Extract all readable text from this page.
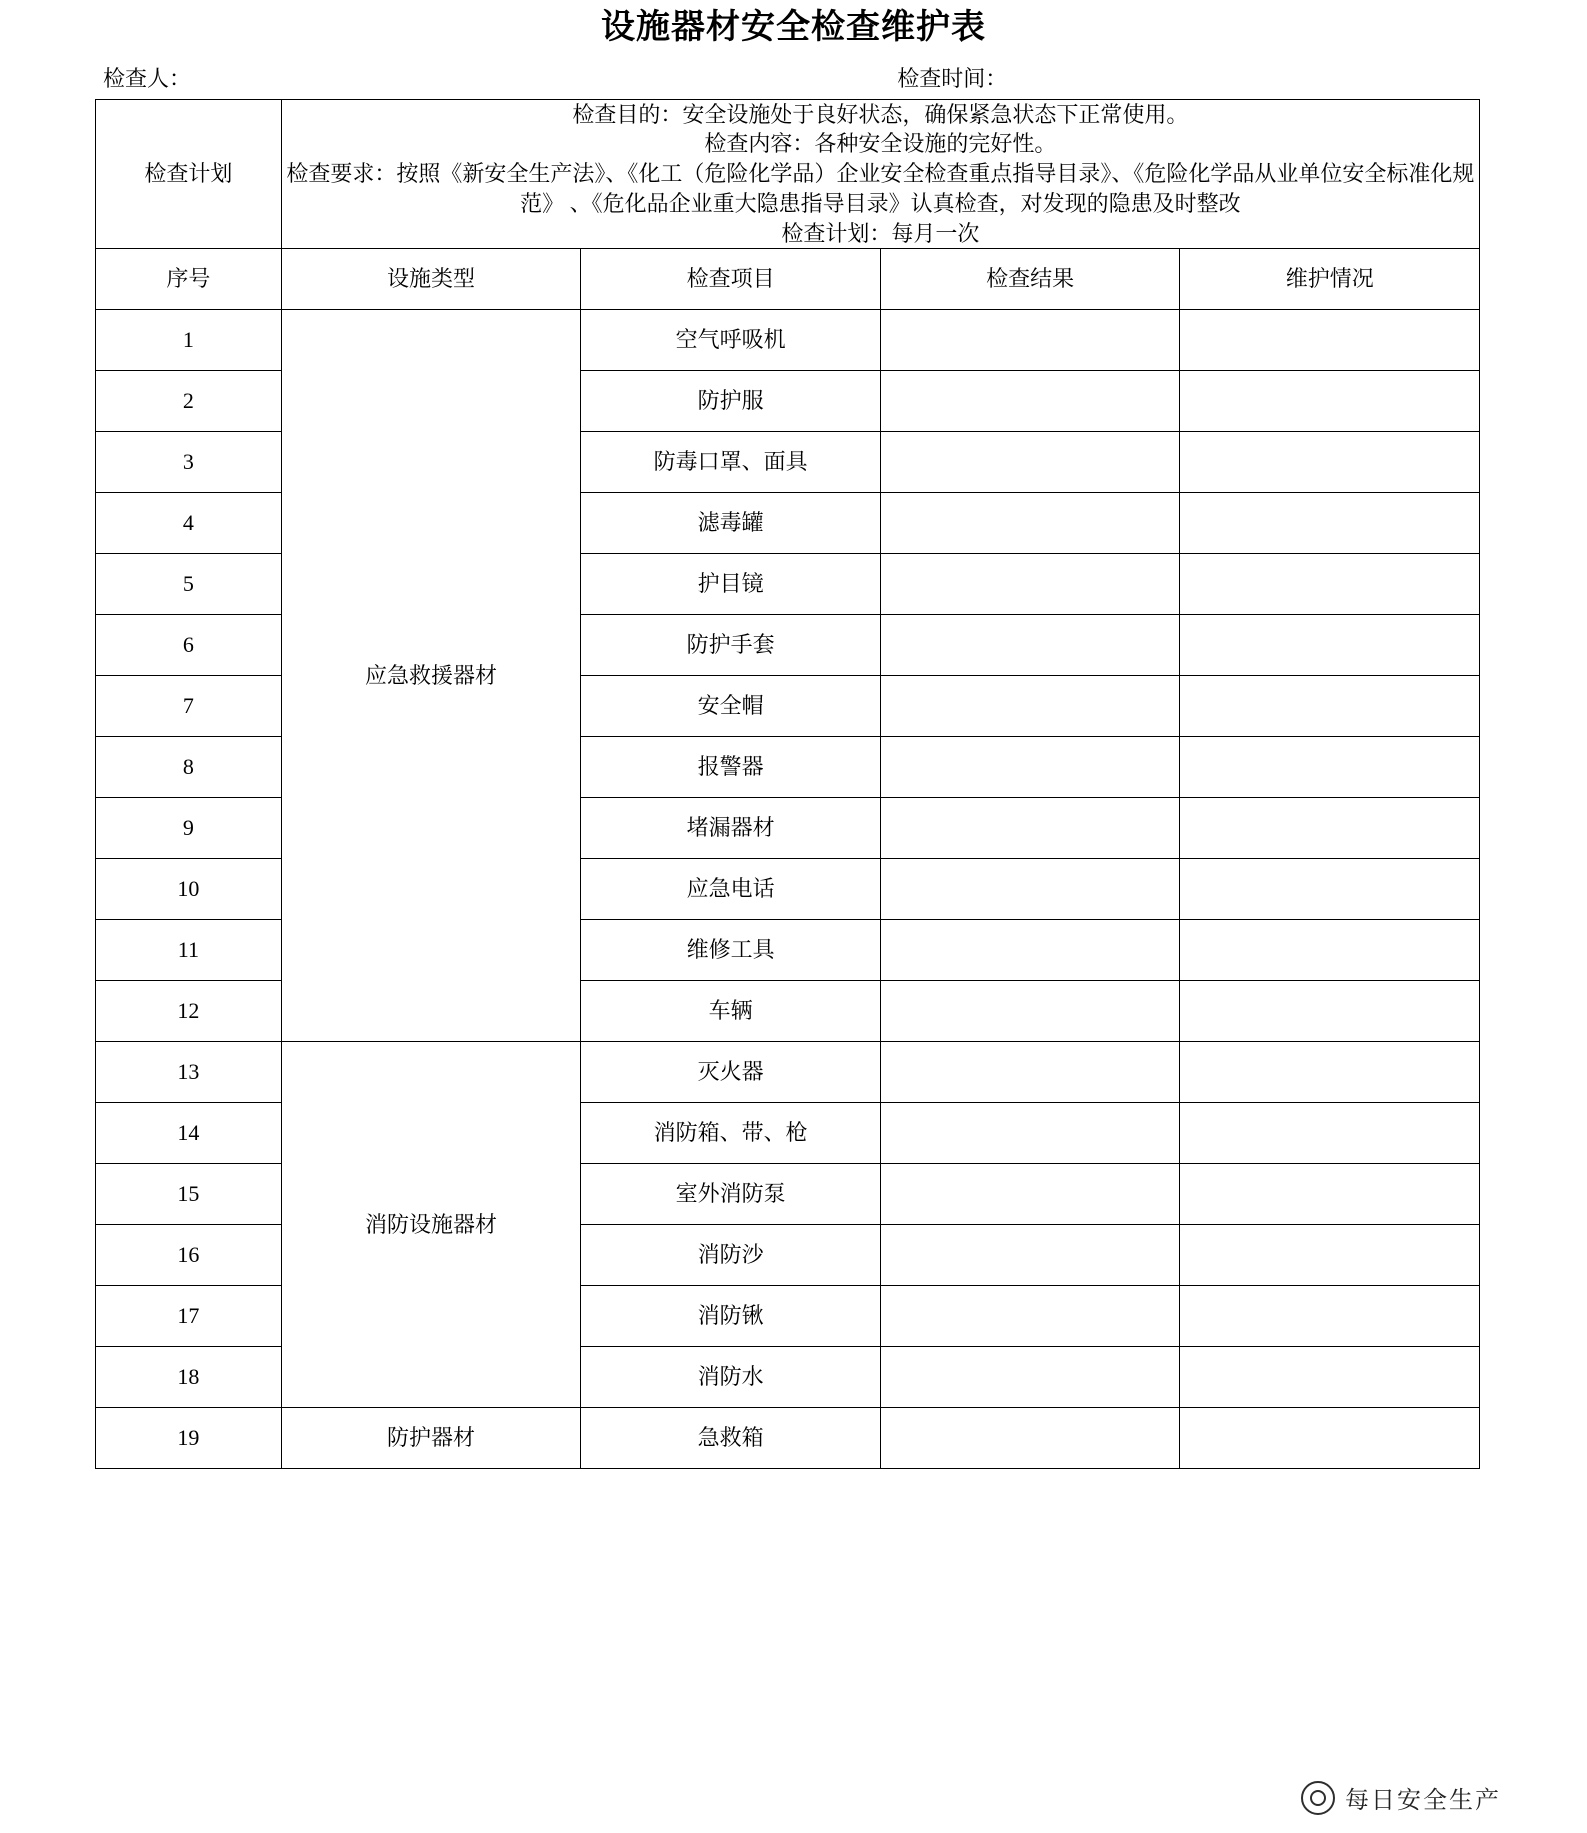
设施器材安全检查维护表
检查人：	检查时间：
检查计划	检查目的：安全设施处于良好状态，确保紧急状态下正常使用。
检查内容：各种安全设施的完好性。
检查要求：按照《新安全生产法》、《化工（危险化学品）企业安全检查重点指导目录》、《危险化学品从业单位安全标准化规范》 、《危化品企业重大隐患指导目录》认真检查，对发现的隐患及时整改
检查计划：每月一次			

序号	设施类型	检查项目	检查结果	维护情况
1	应急救援器材	空气呼吸机		
2		防护服		
3		防毒口罩、面具		
4		滤毒罐		
5		护目镜		
6		防护手套		
7		安全帽		
8		报警器		
9		堵漏器材		
10		应急电话		
11		维修工具		
12		车辆		
13	消防设施器材	灭火器		
14		消防箱、带、枪		
15		室外消防泵		
16		消防沙		
17		消防锹		
18		消防水		
19	防护器材	急救箱		
每日安全生产
